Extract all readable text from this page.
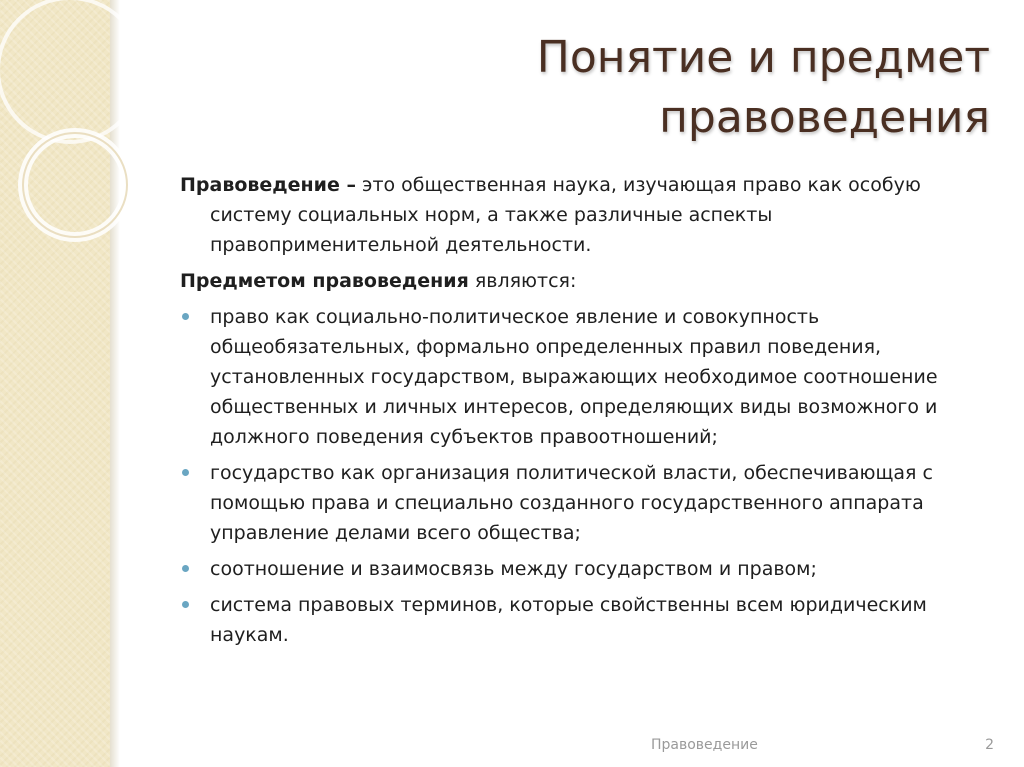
Понятие и предмет
правоведения

Правоведение – это общественная наука, изучающая право как особую систему социальных норм, а также различные аспекты правоприменительной деятельности.

Предметом правоведения являются:

право как социально-политическое явление и совокупность общеобязательных, формально определенных правил поведения, установленных государством, выражающих необходимое соотношение общественных и личных интересов, определяющих виды возможного и должного поведения субъектов правоотношений;
государство как организация политической власти, обеспечивающая с помощью права и специально созданного государственного аппарата управление делами всего общества;
соотношение и взаимосвязь между государством и правом;
система правовых терминов, которые свойственны всем юридическим наукам.
Правоведение	2
